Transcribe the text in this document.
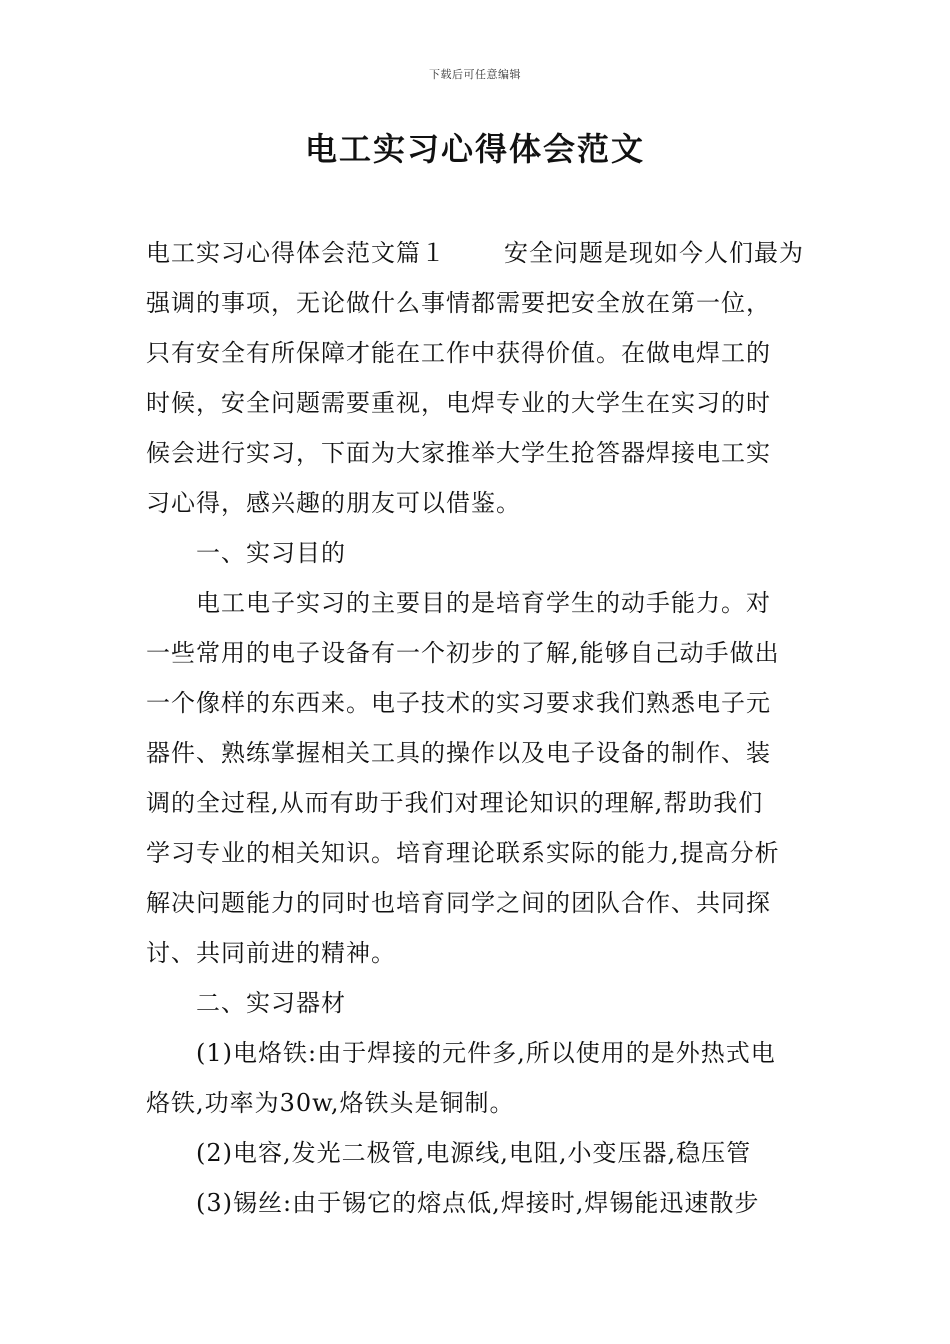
下载后可任意编辑
电工实习心得体会范文
电工实习心得体会范文篇１ 安全问题是现如今人们最为
强调的事项，无论做什么事情都需要把安全放在第一位，
只有安全有所保障才能在工作中获得价值。在做电焊工的
时候，安全问题需要重视，电焊专业的大学生在实习的时
候会进行实习，下面为大家推举大学生抢答器焊接电工实
习心得，感兴趣的朋友可以借鉴。
一、实习目的
电工电子实习的主要目的是培育学生的动手能力。对
一些常用的电子设备有一个初步的了解,能够自己动手做出
一个像样的东西来。电子技术的实习要求我们熟悉电子元
器件、熟练掌握相关工具的操作以及电子设备的制作、装
调的全过程,从而有助于我们对理论知识的理解,帮助我们
学习专业的相关知识。培育理论联系实际的能力,提高分析
解决问题能力的同时也培育同学之间的团队合作、共同探
讨、共同前进的精神。
二、实习器材
(1)电烙铁:由于焊接的元件多,所以使用的是外热式电
烙铁,功率为30w,烙铁头是铜制。
(2)电容,发光二极管,电源线,电阻,小变压器,稳压管
(3)锡丝:由于锡它的熔点低,焊接时,焊锡能迅速散步
